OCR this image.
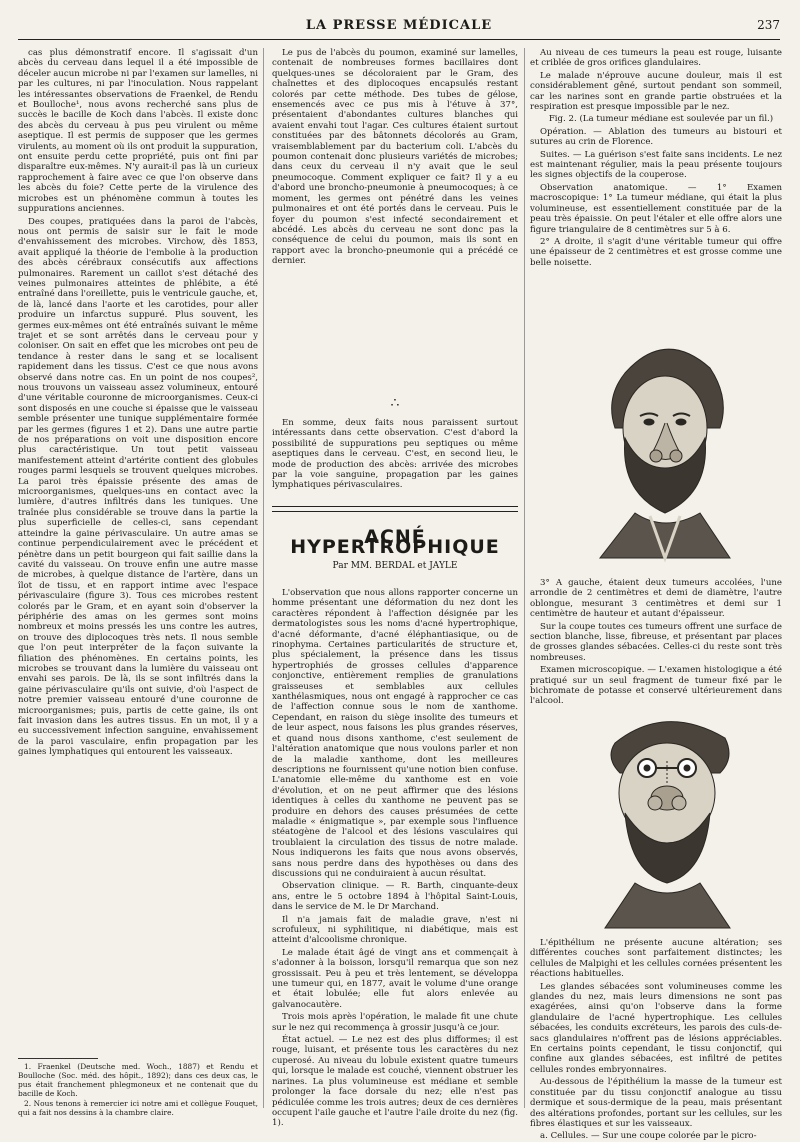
LA PRESSE MÉDICALE	237

cas plus démonstratif encore. Il s'agissait d'un abcès du cerveau dans lequel il a été impossible de déceler aucun microbe ni par l'examen sur lamelles, ni par les cultures, ni par l'inoculation. Nous rappelant les intéressantes observations de Fraenkel, de Rendu et Boulloche¹, nous avons recherché sans plus de succès le bacille de Koch dans l'abcès. Il existe donc des abcès du cerveau à pus peu virulent ou même aseptique. Il est permis de supposer que les germes virulents, au moment où ils ont produit la suppuration, ont ensuite perdu cette propriété, puis ont fini par disparaître eux-mêmes. N'y aurait-il pas là un curieux rapprochement à faire avec ce que l'on observe dans les abcès du foie? Cette perte de la virulence des microbes est un phénomène commun à toutes les suppurations anciennes.

Des coupes, pratiquées dans la paroi de l'abcès, nous ont permis de saisir sur le fait le mode d'envahissement des microbes. Virchow, dès 1853, avait appliqué la théorie de l'embolie à la production des abcès cérébraux consécutifs aux affections pulmonaires. Rarement un caillot s'est détaché des veines pulmonaires atteintes de phlébite, a été entraîné dans l'oreillette, puis le ventricule gauche, et, de là, lancé dans l'aorte et les carotides, pour aller produire un infarctus suppuré. Plus souvent, les germes eux-mêmes ont été entraînés suivant le même trajet et se sont arrêtés dans le cerveau pour y coloniser. On sait en effet que les microbes ont peu de tendance à rester dans le sang et se localisent rapidement dans les tissus. C'est ce que nous avons observé dans notre cas. En un point de nos coupes², nous trouvons un vaisseau assez volumineux, entouré d'une véritable couronne de microorganismes. Ceux-ci sont disposés en une couche si épaisse que le vaisseau semble présenter une tunique supplémentaire formée par les germes (figures 1 et 2). Dans une autre partie de nos préparations on voit une disposition encore plus caractéristique. Un tout petit vaisseau manifestement atteint d'artérite contient des globules rouges parmi lesquels se trouvent quelques microbes. La paroi très épaissie présente des amas de microorganismes, quelques-uns en contact avec la lumière, d'autres infiltrés dans les tuniques. Une traînée plus considérable se trouve dans la partie la plus superficielle de celles-ci, sans cependant atteindre la gaine périvasculaire. Un autre amas se continue perpendiculairement avec le précédent et pénètre dans un petit bourgeon qui fait saillie dans la cavité du vaisseau. On trouve enfin une autre masse de microbes, à quelque distance de l'artère, dans un îlot de tissu, et en rapport intime avec l'espace périvasculaire (figure 3). Tous ces microbes restent colorés par le Gram, et en ayant soin d'observer la périphérie des amas on les germes sont moins nombreux et moins pressés les uns contre les autres, on trouve des diplocoques très nets. Il nous semble que l'on peut interpréter de la façon suivante la filiation des phénomènes. En certains points, les microbes se trouvant dans la lumière du vaisseau ont envahi ses parois. De là, ils se sont infiltrés dans la gaine périvasculaire qu'ils ont suivie, d'où l'aspect de notre premier vaisseau entouré d'une couronne de microorganismes; puis, partis de cette gaine, ils ont fait invasion dans les autres tissus. En un mot, il y a eu successivement infection sanguine, envahissement de la paroi vasculaire, enfin propagation par les gaines lymphatiques qui entourent les vaisseaux.

1. Fraenkel (Deutsche med. Woch., 1887) et Rendu et Boulloche (Soc. méd. des hôpit., 1892); dans ces deux cas, le pus était franchement phlegmoneux et ne contenait que du bacille de Koch.

2. Nous tenons à remercier ici notre ami et collègue Fouquet, qui a fait nos dessins à la chambre claire.

Le pus de l'abcès du poumon, examiné sur lamelles, contenait de nombreuses formes bacillaires dont quelques-unes se décoloraient par le Gram, des chaînettes et des diplocoques encapsulés restant colorés par cette méthode. Des tubes de gélose, ensemencés avec ce pus mis à l'étuve à 37°, présentaient d'abondantes cultures blanches qui avaient envahi tout l'agar. Ces cultures étaient surtout constituées par des bâtonnets décolorés au Gram, vraisemblablement par du bacterium coli. L'abcès du poumon contenait donc plusieurs variétés de microbes; dans ceux du cerveau il n'y avait que le seul pneumocoque. Comment expliquer ce fait? Il y a eu d'abord une broncho-pneumonie à pneumocoques; à ce moment, les germes ont pénétré dans les veines pulmonaires et ont été portés dans le cerveau. Puis le foyer du poumon s'est infecté secondairement et abcédé. Les abcès du cerveau ne sont donc pas la conséquence de celui du poumon, mais ils sont en rapport avec la broncho-pneumonie qui a précédé ce dernier.

∴

En somme, deux faits nous paraissent surtout intéressants dans cette observation. C'est d'abord la possibilité de suppurations peu septiques ou même aseptiques dans le cerveau. C'est, en second lieu, le mode de production des abcès: arrivée des microbes par la voie sanguine, propagation par les gaines lymphatiques périvasculaires.

ACNÉ HYPERTROPHIQUE
Par MM. BERDAL et JAYLE

L'observation que nous allons rapporter concerne un homme présentant une déformation du nez dont les caractères répondent à l'affection désignée par les dermatologistes sous les noms d'acné hypertrophique, d'acné déformante, d'acné éléphantiasique, ou de rinophyma. Certaines particularités de structure et, plus spécialement, la présence dans les tissus hypertrophiés de grosses cellules d'apparence conjonctive, entièrement remplies de granulations graisseuses et semblables aux cellules xanthélasmiques, nous ont engagé à rapprocher ce cas de l'affection connue sous le nom de xanthome. Cependant, en raison du siège insolite des tumeurs et de leur aspect, nous faisons les plus grandes réserves, et quand nous disons xanthome, c'est seulement de l'altération anatomique que nous voulons parler et non de la maladie xanthome, dont les meilleures descriptions ne fournissent qu'une notion bien confuse. L'anatomie elle-même du xanthome est en voie d'évolution, et on ne peut affirmer que des lésions identiques à celles du xanthome ne peuvent pas se produire en dehors des causes présumées de cette maladie « énigmatique », par exemple sous l'influence stéatogène de l'alcool et des lésions vasculaires qui troublaient la circulation des tissus de notre malade. Nous indiquerons les faits que nous avons observés, sans nous perdre dans des hypothèses ou dans des discussions qui ne conduiraient à aucun résultat.

Observation clinique. — R. Barth, cinquante-deux ans, entre le 5 octobre 1894 à l'hôpital Saint-Louis, dans le service de M. le Dr Marchand.

Il n'a jamais fait de maladie grave, n'est ni scrofuleux, ni syphilitique, ni diabétique, mais est atteint d'alcoolisme chronique.

Le malade était âgé de vingt ans et commençait à s'adonner à la boisson, lorsqu'il remarqua que son nez grossissait. Peu à peu et très lentement, se développa une tumeur qui, en 1877, avait le volume d'une orange et était lobulée; elle fut alors enlevée au galvanocautère.

Trois mois après l'opération, le malade fit une chute sur le nez qui recommença à grossir jusqu'à ce jour.

État actuel. — Le nez est des plus difformes; il est rouge, luisant, et présente tous les caractères du nez cuperosé. Au niveau du lobule existent quatre tumeurs qui, lorsque le malade est couché, viennent obstruer les narines. La plus volumineuse est médiane et semble prolonger la face dorsale du nez; elle n'est pas pédiculée comme les trois autres; deux de ces dernières occupent l'aile gauche et l'autre l'aile droite du nez (fig. 1).

Au niveau de ces tumeurs la peau est rouge, luisante et criblée de gros orifices glandulaires.

Le malade n'éprouve aucune douleur, mais il est considérablement gêné, surtout pendant son sommeil, car les narines sont en grande partie obstruées et la respiration est presque impossible par le nez.

Fig. 2. (La tumeur médiane est soulevée par un fil.)

Opération. — Ablation des tumeurs au bistouri et sutures au crin de Florence.

Suites. — La guérison s'est faite sans incidents. Le nez est maintenant régulier, mais la peau présente toujours les signes objectifs de la couperose.

Observation anatomique. — 1° Examen macroscopique: 1° La tumeur médiane, qui était la plus volumineuse, est essentiellement constituée par de la peau très épaissie. On peut l'étaler et elle offre alors une figure triangulaire de 8 centimètres sur 5 à 6.

2° A droite, il s'agit d'une véritable tumeur qui offre une épaisseur de 2 centimètres et est grosse comme une belle noisette.

3° A gauche, étaient deux tumeurs accolées, l'une arrondie de 2 centimètres et demi de diamètre, l'autre oblongue, mesurant 3 centimètres et demi sur 1 centimètre de hauteur et autant d'épaisseur.

Sur la coupe toutes ces tumeurs offrent une surface de section blanche, lisse, fibreuse, et présentant par places de grosses glandes sébacées. Celles-ci du reste sont très nombreuses.

Examen microscopique. — L'examen histologique a été pratiqué sur un seul fragment de tumeur fixé par le bichromate de potasse et conservé ultérieurement dans l'alcool.

L'épithélium ne présente aucune altération; ses différentes couches sont parfaitement distinctes; les cellules de Malpighi et les cellules cornées présentent les réactions habituelles.

Les glandes sébacées sont volumineuses comme les glandes du nez, mais leurs dimensions ne sont pas exagérées, ainsi qu'on l'observe dans la forme glandulaire de l'acné hypertrophique. Les cellules sébacées, les conduits excréteurs, les parois des culs-de-sacs glandulaires n'offrent pas de lésions appréciables. En certains points cependant, le tissu conjonctif, qui confine aux glandes sébacées, est infiltré de petites cellules rondes embryonnaires.

Au-dessous de l'épithélium la masse de la tumeur est constituée par du tissu conjonctif analogue au tissu dermique et sous-dermique de la peau, mais présentant des altérations profondes, portant sur les cellules, sur les fibres élastiques et sur les vaisseaux.

a. Cellules. — Sur une coupe colorée par le picro-
